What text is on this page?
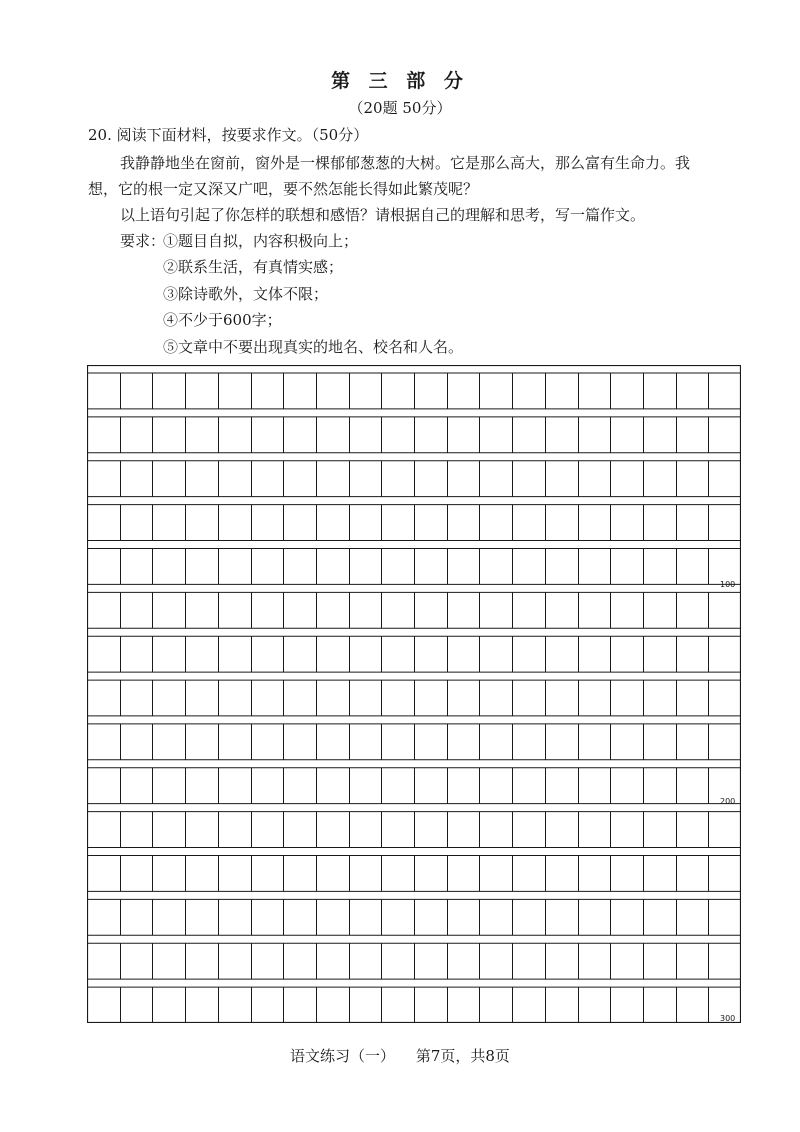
第 三 部 分
（20题 50分）
20. 阅读下面材料，按要求作文。（50分）
我静静地坐在窗前，窗外是一棵郁郁葱葱的大树。它是那么高大，那么富有生命力。我
想，它的根一定又深又广吧，要不然怎能长得如此繁茂呢？
以上语句引起了你怎样的联想和感悟？请根据自己的理解和思考，写一篇作文。
要求：
①题目自拟，内容积极向上；
②联系生活，有真情实感；
③除诗歌外，文体不限；
④不少于600字；
⑤文章中不要出现真实的地名、校名和人名。
100
200
300
语文练习（一） 第7页，共8页
